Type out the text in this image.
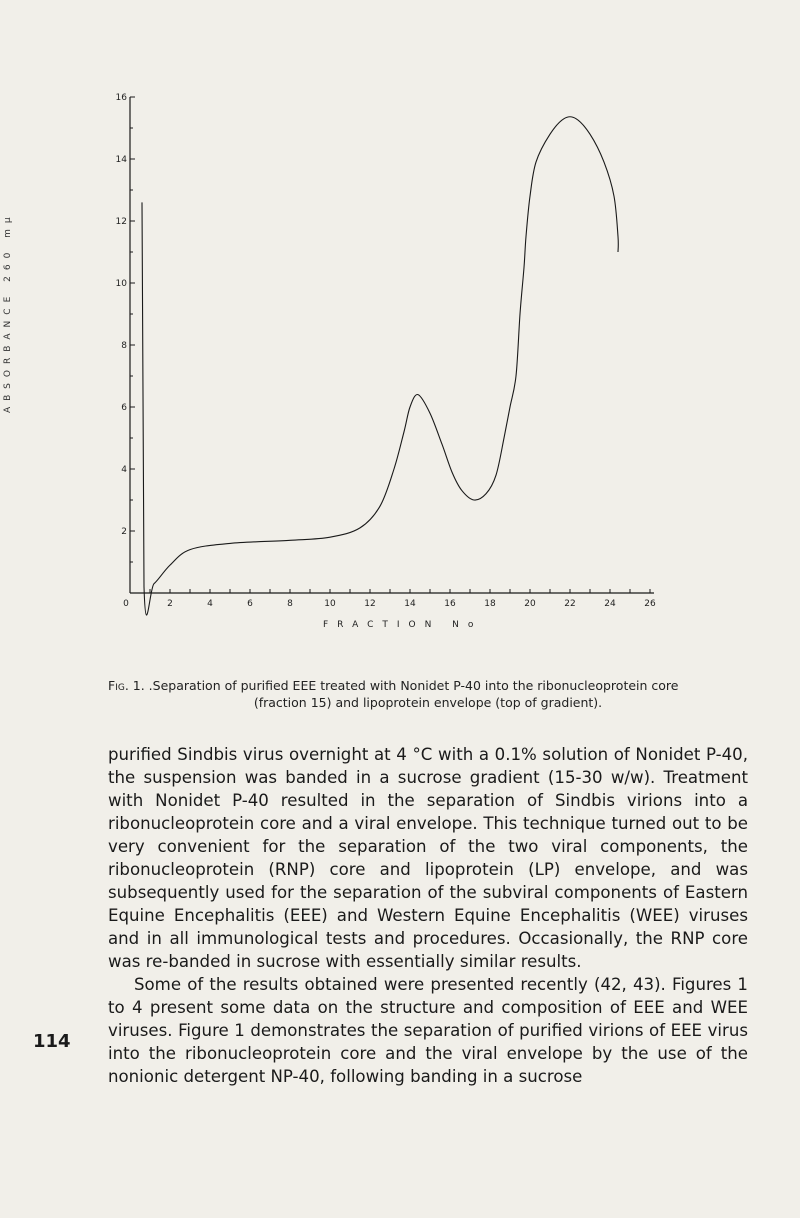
2
4
6
8
10
12
14
16
0	2	4	6	8	10	12	14	16	18	20	22	24	26
FRACTION No
ABSORBANCE 260 mμ
Fig. 1. .Separation of purified EEE treated with Nonidet P-40 into the ribonucleoprotein core
(fraction 15) and lipoprotein envelope (top of gradient).

purified Sindbis virus overnight at 4 °C with a 0.1% solution of Nonidet P-40, the suspension was banded in a sucrose gradient (15-30 w/w). Treatment with Nonidet P-40 resulted in the separation of Sindbis virions into a ribonucleoprotein core and a viral envelope. This technique turned out to be very convenient for the separation of the two viral components, the ribonucleoprotein (RNP) core and lipoprotein (LP) envelope, and was subsequently used for the separation of the subviral components of Eastern Equine Encephalitis (EEE) and Western Equine Encephalitis (WEE) viruses and in all immunological tests and procedures. Occasionally, the RNP core was re-banded in sucrose with essentially similar results.

Some of the results obtained were presented recently (42, 43). Figures 1 to 4 present some data on the structure and composition of EEE and WEE viruses. Figure 1 demonstrates the separation of purified virions of EEE virus into the ribonucleoprotein core and the viral envelope by the use of the nonionic detergent NP-40, following banding in a sucrose

114
